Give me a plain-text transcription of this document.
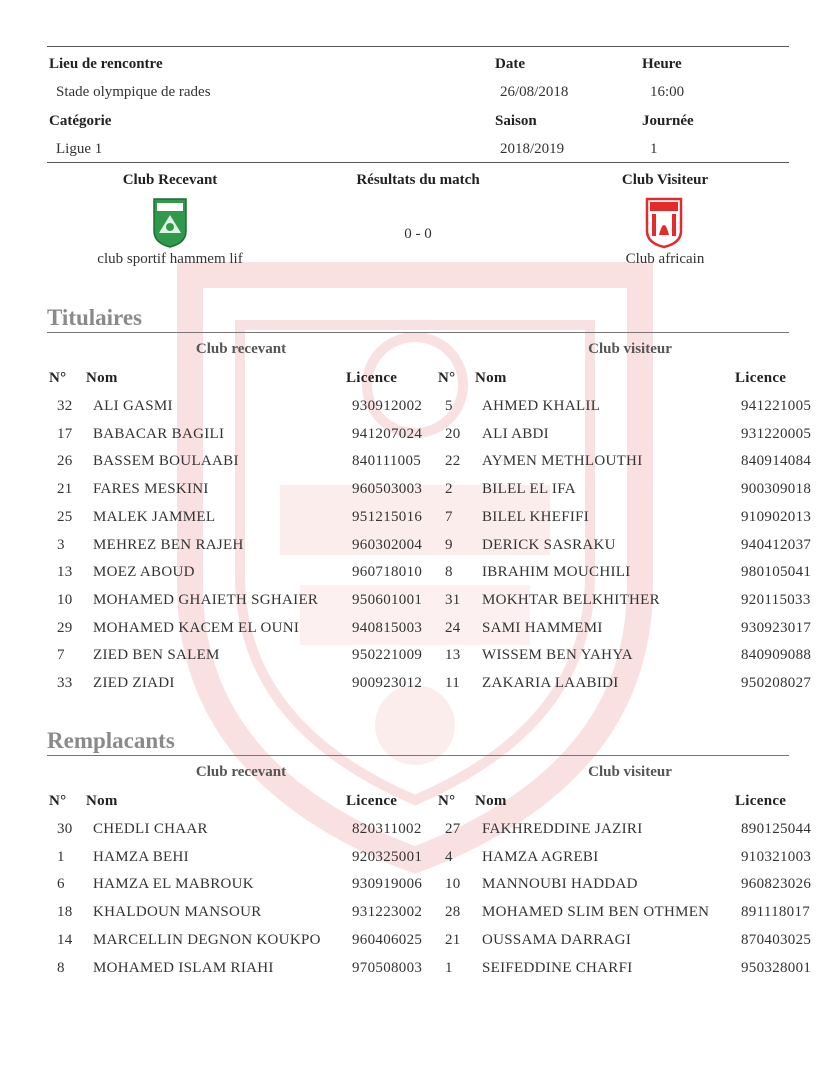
Lieu de rencontre
Stade olympique de rades
Date
26/08/2018
Heure
16:00
Catégorie
Ligue 1
Saison
2018/2019
Journée
1
Club Recevant	Résultats du match	Club Visiteur
0 - 0
club sportif hammem lif	Club africain
Titulaires
Club recevant	Club visiteur
N° Nom	Licence	N° Nom	Licence
32 ALI GASMI	930912002 5 AHMED KHALIL	941221005
17 BABACAR BAGILI	941207024 20 ALI ABDI	931220005
26 BASSEM BOULAABI	840111005 22 AYMEN METHLOUTHI	840914084
21 FARES MESKINI	960503003 2 BILEL EL IFA	900309018
25 MALEK JAMMEL	951215016 7 BILEL KHEFIFI	910902013
3 MEHREZ BEN RAJEH	960302004 9 DERICK SASRAKU	940412037
13 MOEZ ABOUD	960718010 8 IBRAHIM MOUCHILI	980105041
10 MOHAMED GHAIETH SGHAIER 950601001 31 MOKHTAR BELKHITHER	920115033
29 MOHAMED KACEM EL OUNI	940815003 24 SAMI HAMMEMI	930923017
7 ZIED BEN SALEM	950221009 13 WISSEM BEN YAHYA	840909088
33 ZIED ZIADI	900923012 11 ZAKARIA LAABIDI	950208027
Remplacants
Club recevant	Club visiteur
N° Nom	Licence	N° Nom	Licence
30 CHEDLI CHAAR	820311002 27 FAKHREDDINE JAZIRI	890125044
1 HAMZA BEHI	920325001 4 HAMZA AGREBI	910321003
6 HAMZA EL MABROUK	930919006 10 MANNOUBI HADDAD	960823026
18 KHALDOUN MANSOUR	931223002 28 MOHAMED SLIM BEN OTHMEN 891118017
14 MARCELLIN DEGNON KOUKPO 960406025 21 OUSSAMA DARRAGI	870403025
8 MOHAMED ISLAM RIAHI	970508003 1 SEIFEDDINE CHARFI	950328001
